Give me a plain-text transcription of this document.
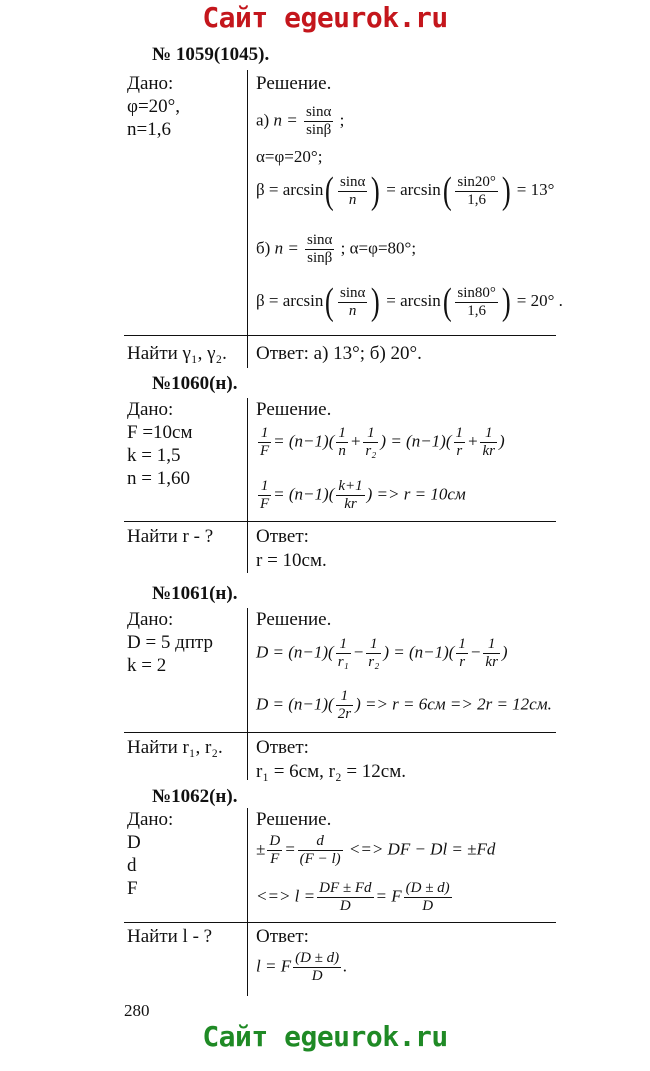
Сайт egeurok.ru
№ 1059(1045).
Дано:
φ=20°,
n=1,6
Решение.
а) $n = \frac{\sin\alpha}{\sin\beta}$ ;
α=φ=20°;
$\beta = \arcsin( \frac{\sin\alpha}{n}$ ) = $\arcsin( \frac{\sin 20^\circ}{1,6}$ ) = 13°
б) $n = \frac{\sin\alpha}{\sin\beta}$ ; α=φ=80°;
$\beta = \arcsin( \frac{\sin\alpha}{n}$ ) = $\arcsin( \frac{\sin 80^\circ}{1,6}$ ) = 20° .
Найти γ₁, γ₂. Ответ: а) 13°; б) 20°.
№1060(н).
Дано:
F =10см
k = 1,5
n = 1,60
Решение.
$\frac{1}{F} = (n-1)( \frac{1}{n} + \frac{1}{\text{r₂}}$ ) = $(n-1)( \frac{1}{r} + \frac{1}{kr}$ )
$\frac{1}{F} = (n-1)( \frac{k+1}{kr}$ ) => r = 10см
Найти r - ? Ответ:
r = 10см.
№1061(н).
Дано:
D = 5 дптр
k = 2
Решение.
$D = (n-1)( \frac{1}{\text{r₁}} - \frac{1}{\text{r₂}}$ ) = $(n-1)( \frac{1}{r} - \frac{1}{kr}$ )
$D = (n-1)( \frac{1}{2r}$ ) => r = 6см => 2r = 12см.
Найти r₁, r₂. Ответ:
r₁ = 6см, r₂ = 12см.
№1062(н).
Дано:
D
d
F
Решение.
± $\frac{D}{F} = \frac{d}{(F - l)}$ <=> DF − Dl = ±Fd
<=> $l = \frac{DF \pm Fd}{D} = F \frac{(D \pm d)}{D}$
Найти l - ? Ответ:
l = F $\frac{(D \pm d)}{D}$ .
280
Сайт egeurok.ru
